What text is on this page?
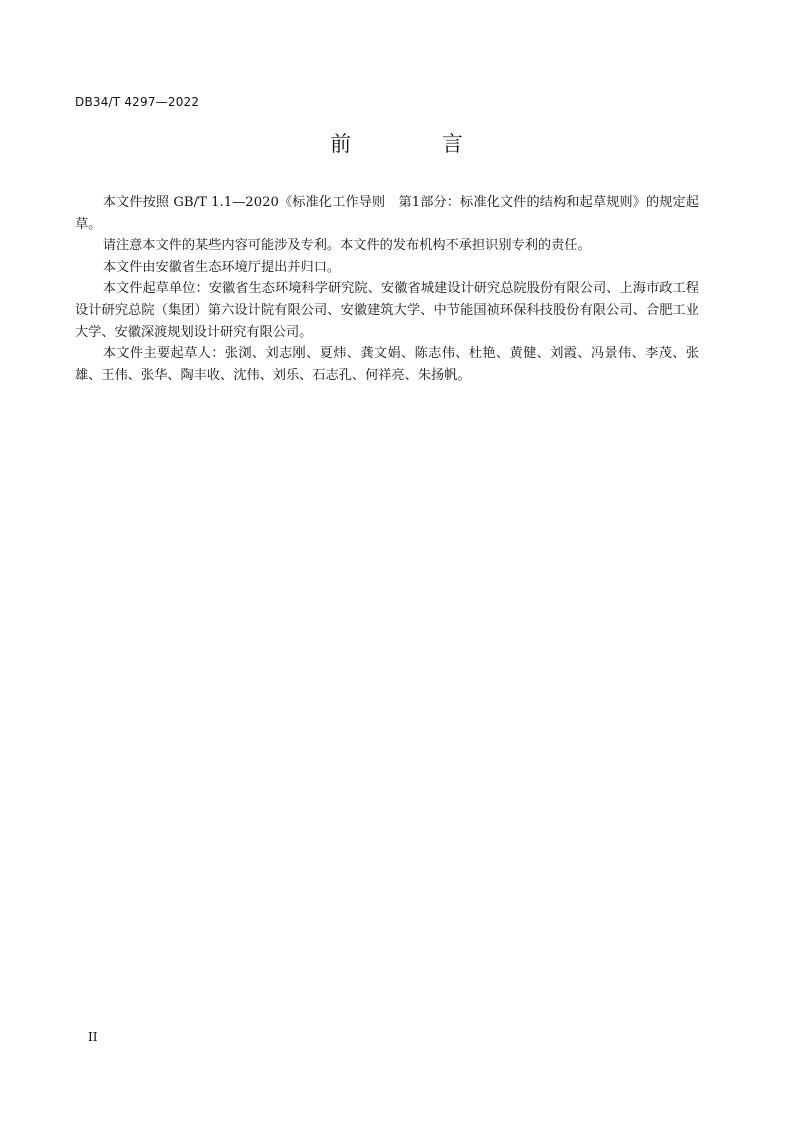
DB34/T 4297—2022
前 言

本文件按照 GB/T 1.1—2020《标准化工作导则　第1部分：标准化文件的结构和起草规则》的规定起草。

请注意本文件的某些内容可能涉及专利。本文件的发布机构不承担识别专利的责任。

本文件由安徽省生态环境厅提出并归口。

本文件起草单位：安徽省生态环境科学研究院、安徽省城建设计研究总院股份有限公司、上海市政工程设计研究总院（集团）第六设计院有限公司、安徽建筑大学、中节能国祯环保科技股份有限公司、合肥工业大学、安徽深渡规划设计研究有限公司。

本文件主要起草人：张浏、刘志刚、夏炜、龚文娟、陈志伟、杜艳、黄健、刘霞、冯景伟、李茂、张雄、王伟、张华、陶丰收、沈伟、刘乐、石志孔、何祥亮、朱扬帆。

II
